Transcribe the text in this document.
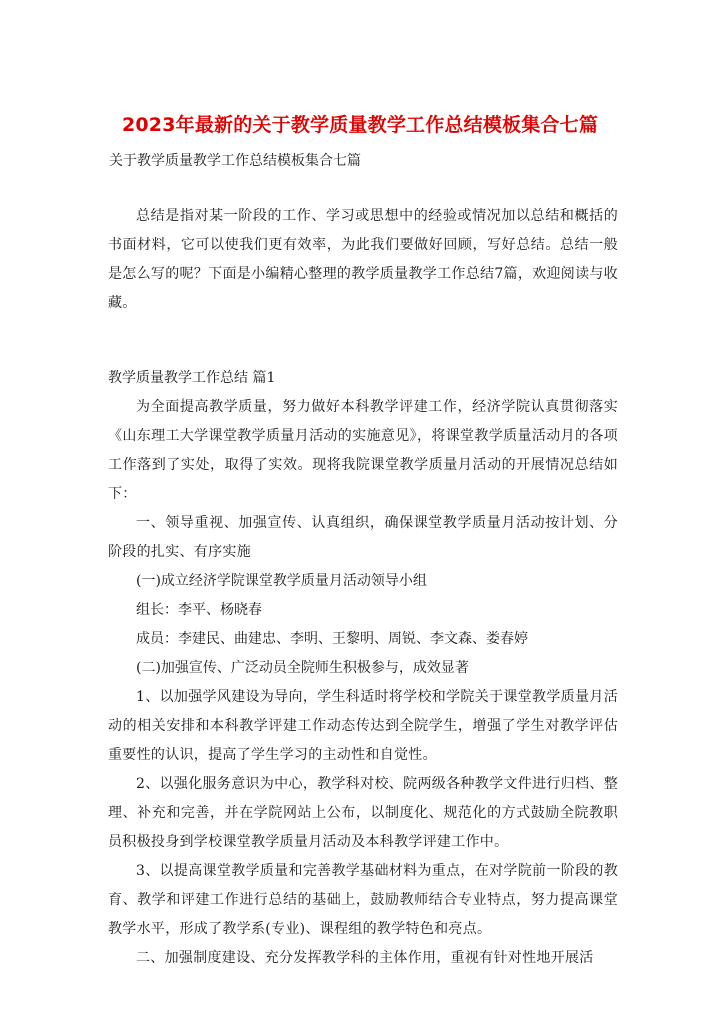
2023年最新的关于教学质量教学工作总结模板集合七篇
关于教学质量教学工作总结模板集合七篇

总结是指对某一阶段的工作、学习或思想中的经验或情况加以总结和概括的书面材料，它可以使我们更有效率，为此我们要做好回顾，写好总结。总结一般是怎么写的呢？下面是小编精心整理的教学质量教学工作总结7篇，欢迎阅读与收藏。

教学质量教学工作总结 篇1

为全面提高教学质量，努力做好本科教学评建工作，经济学院认真贯彻落实《山东理工大学课堂教学质量月活动的实施意见》，将课堂教学质量活动月的各项工作落到了实处，取得了实效。现将我院课堂教学质量月活动的开展情况总结如下：

一、领导重视、加强宣传、认真组织，确保课堂教学质量月活动按计划、分阶段的扎实、有序实施

(一)成立经济学院课堂教学质量月活动领导小组

组长：李平、杨晓春

成员：李建民、曲建忠、李明、王黎明、周锐、李文森、娄春婷

(二)加强宣传、广泛动员全院师生积极参与，成效显著

1、以加强学风建设为导向，学生科适时将学校和学院关于课堂教学质量月活动的相关安排和本科教学评建工作动态传达到全院学生，增强了学生对教学评估重要性的认识，提高了学生学习的主动性和自觉性。

2、以强化服务意识为中心，教学科对校、院两级各种教学文件进行归档、整理、补充和完善，并在学院网站上公布，以制度化、规范化的方式鼓励全院教职员积极投身到学校课堂教学质量月活动及本科教学评建工作中。

3、以提高课堂教学质量和完善教学基础材料为重点，在对学院前一阶段的教育、教学和评建工作进行总结的基础上，鼓励教师结合专业特点，努力提高课堂教学水平，形成了教学系(专业)、课程组的教学特色和亮点。

二、加强制度建设、充分发挥教学科的主体作用，重视有针对性地开展活
